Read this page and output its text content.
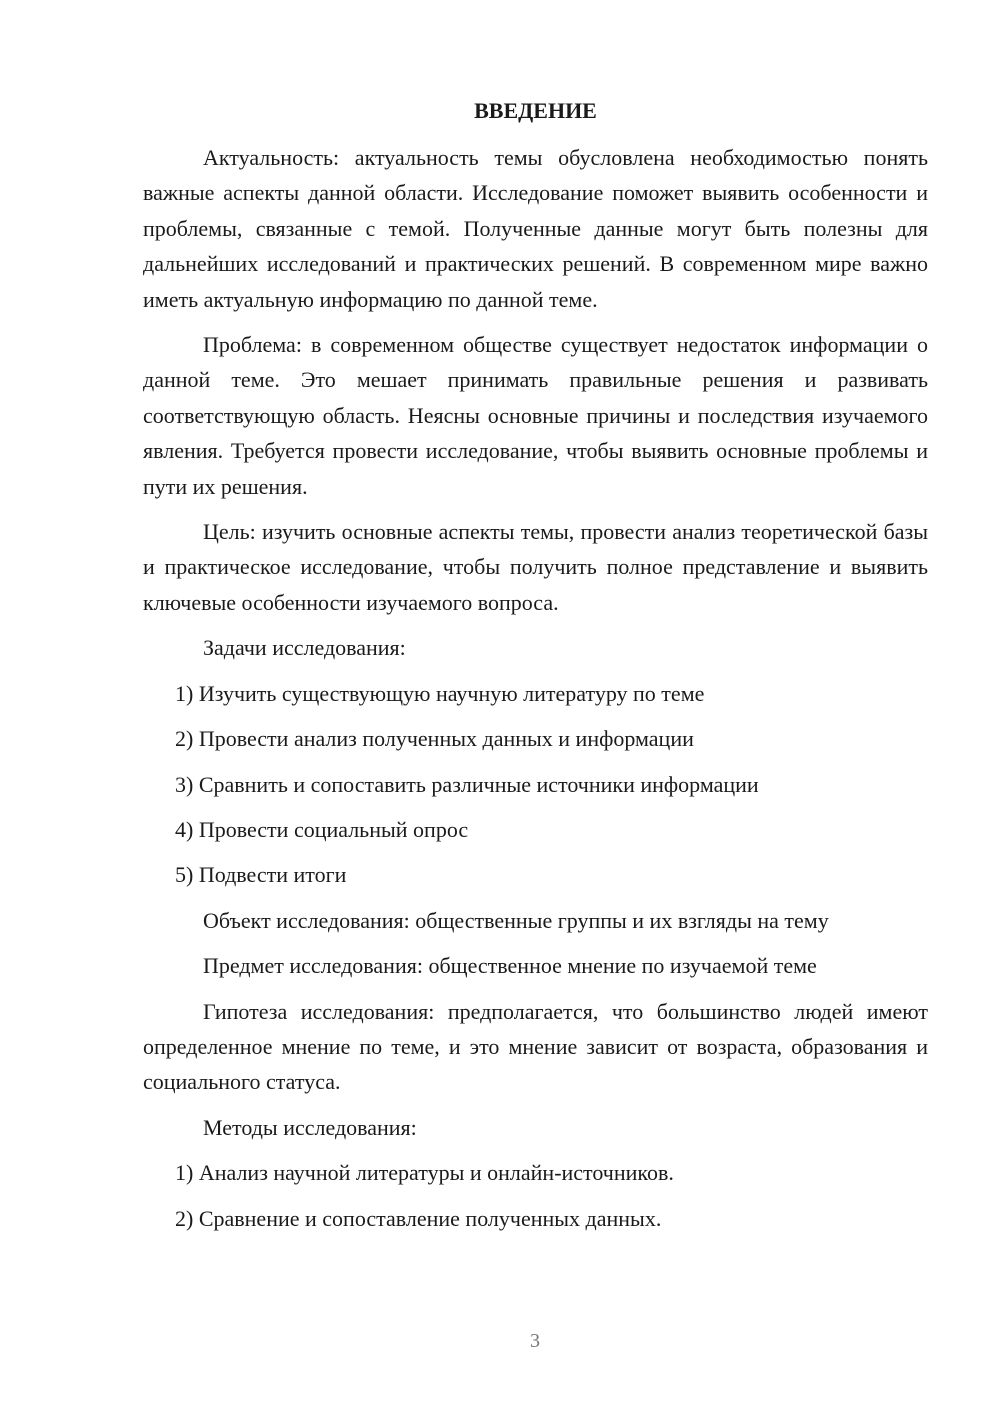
ВВЕДЕНИЕ

Актуальность: актуальность темы обусловлена необходимостью понять важные аспекты данной области. Исследование поможет выявить особенности и проблемы, связанные с темой. Полученные данные могут быть полезны для дальнейших исследований и практических решений. В современном мире важно иметь актуальную информацию по данной теме.

Проблема: в современном обществе существует недостаток информации о данной теме. Это мешает принимать правильные решения и развивать соответствующую область. Неясны основные причины и последствия изучаемого явления. Требуется провести исследование, чтобы выявить основные проблемы и пути их решения.

Цель: изучить основные аспекты темы, провести анализ теоретической базы и практическое исследование, чтобы получить полное представление и выявить ключевые особенности изучаемого вопроса.

Задачи исследования:

1) Изучить существующую научную литературу по теме

2) Провести анализ полученных данных и информации

3) Сравнить и сопоставить различные источники информации

4) Провести социальный опрос

5) Подвести итоги

Объект исследования: общественные группы и их взгляды на тему

Предмет исследования: общественное мнение по изучаемой теме

Гипотеза исследования: предполагается, что большинство людей имеют определенное мнение по теме, и это мнение зависит от возраста, образования и социального статуса.

Методы исследования:

1) Анализ научной литературы и онлайн-источников.

2) Сравнение и сопоставление полученных данных.

3
